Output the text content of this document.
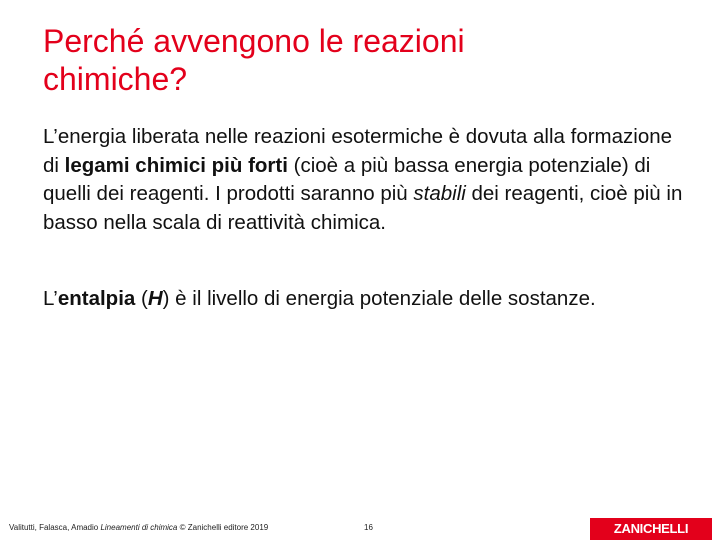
Perché avvengono le reazioni
chimiche?

L’energia liberata nelle reazioni esotermiche è dovuta alla formazione di legami chimici più forti (cioè a più bassa energia potenziale) di quelli dei reagenti. I prodotti saranno più stabili dei reagenti, cioè più in basso nella scala di reattività chimica.

L’entalpia (H) è il livello di energia potenziale delle sostanze.

Valitutti, Falasca, Amadio Lineamenti di chimica © Zanichelli editore 2019	16	ZANICHELLI
